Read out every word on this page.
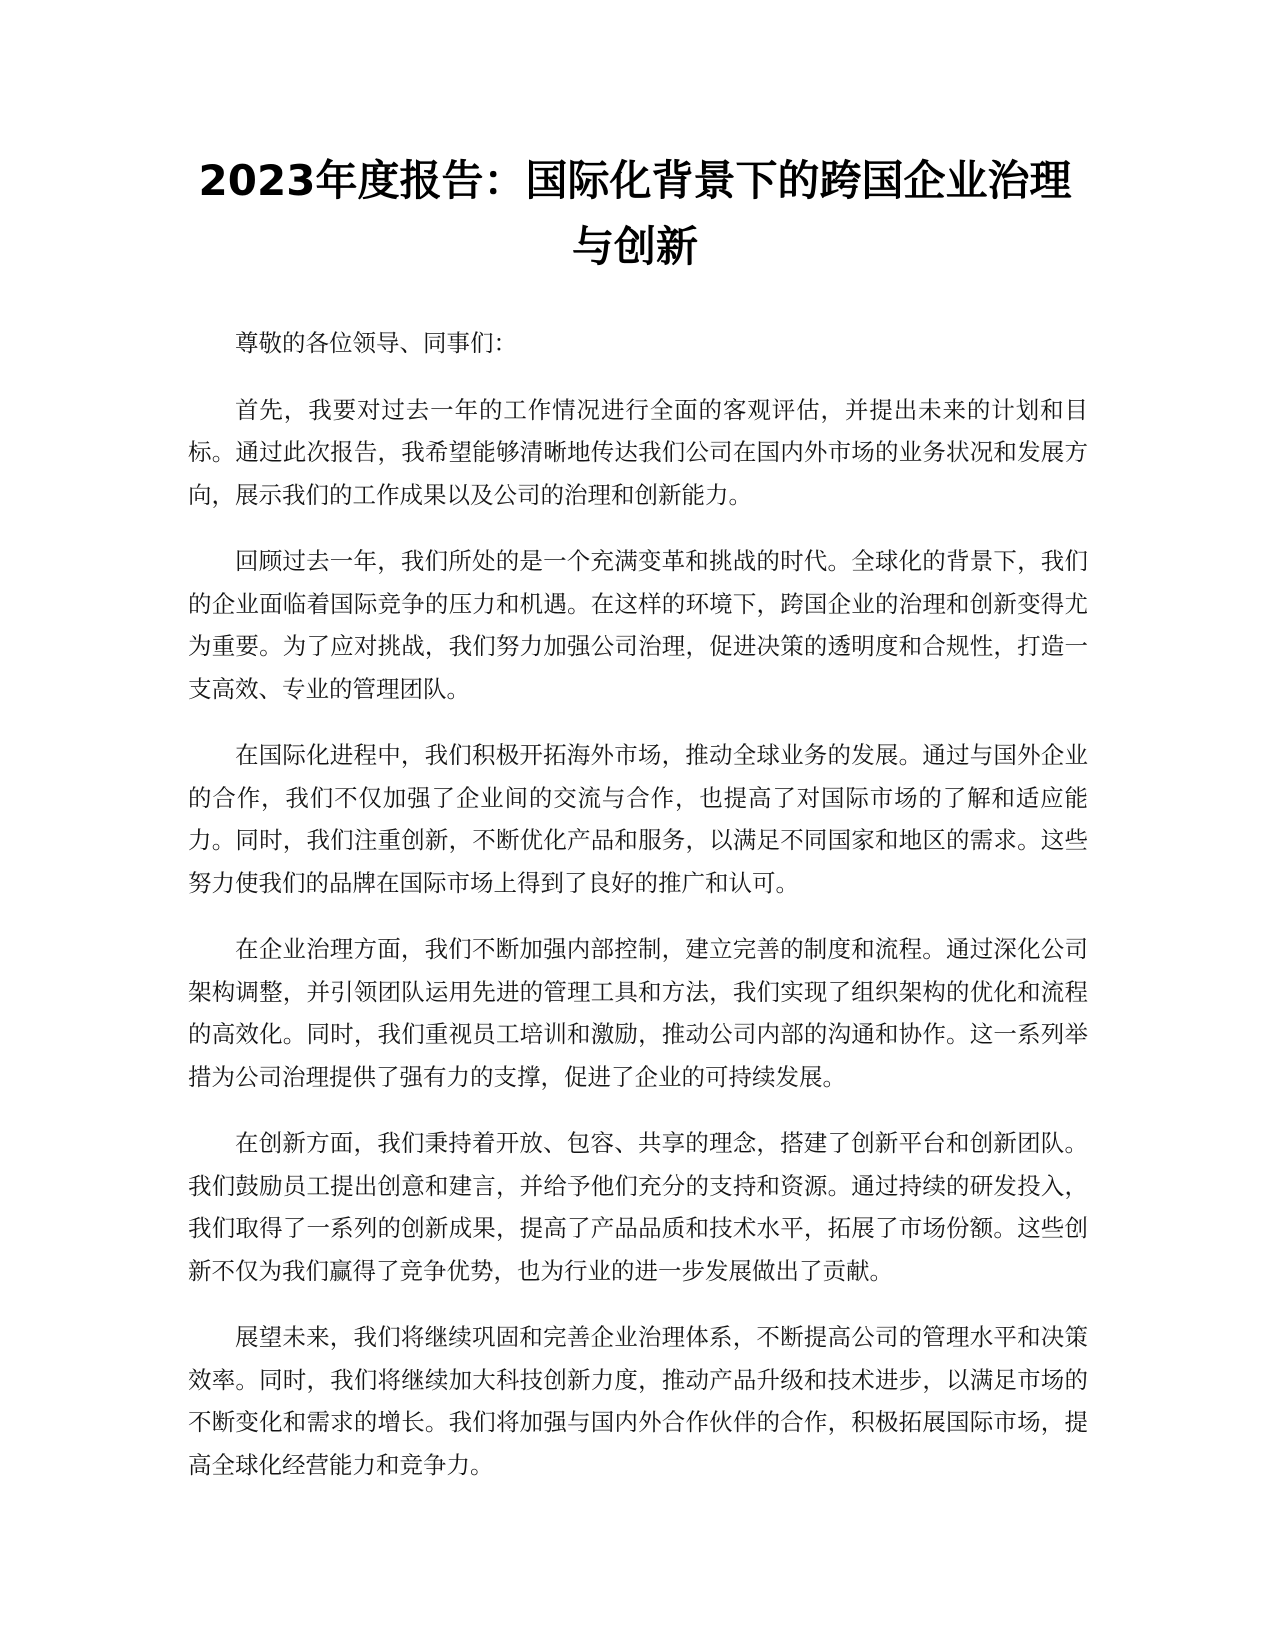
2023年度报告：国际化背景下的跨国企业治理与创新

尊敬的各位领导、同事们：

首先，我要对过去一年的工作情况进行全面的客观评估，并提出未来的计划和目标。通过此次报告，我希望能够清晰地传达我们公司在国内外市场的业务状况和发展方向，展示我们的工作成果以及公司的治理和创新能力。

回顾过去一年，我们所处的是一个充满变革和挑战的时代。全球化的背景下，我们的企业面临着国际竞争的压力和机遇。在这样的环境下，跨国企业的治理和创新变得尤为重要。为了应对挑战，我们努力加强公司治理，促进决策的透明度和合规性，打造一支高效、专业的管理团队。

在国际化进程中，我们积极开拓海外市场，推动全球业务的发展。通过与国外企业的合作，我们不仅加强了企业间的交流与合作，也提高了对国际市场的了解和适应能力。同时，我们注重创新，不断优化产品和服务，以满足不同国家和地区的需求。这些努力使我们的品牌在国际市场上得到了良好的推广和认可。

在企业治理方面，我们不断加强内部控制，建立完善的制度和流程。通过深化公司架构调整，并引领团队运用先进的管理工具和方法，我们实现了组织架构的优化和流程的高效化。同时，我们重视员工培训和激励，推动公司内部的沟通和协作。这一系列举措为公司治理提供了强有力的支撑，促进了企业的可持续发展。

在创新方面，我们秉持着开放、包容、共享的理念，搭建了创新平台和创新团队。我们鼓励员工提出创意和建言，并给予他们充分的支持和资源。通过持续的研发投入，我们取得了一系列的创新成果，提高了产品品质和技术水平，拓展了市场份额。这些创新不仅为我们赢得了竞争优势，也为行业的进一步发展做出了贡献。

展望未来，我们将继续巩固和完善企业治理体系，不断提高公司的管理水平和决策效率。同时，我们将继续加大科技创新力度，推动产品升级和技术进步，以满足市场的不断变化和需求的增长。我们将加强与国内外合作伙伴的合作，积极拓展国际市场，提高全球化经营能力和竞争力。
